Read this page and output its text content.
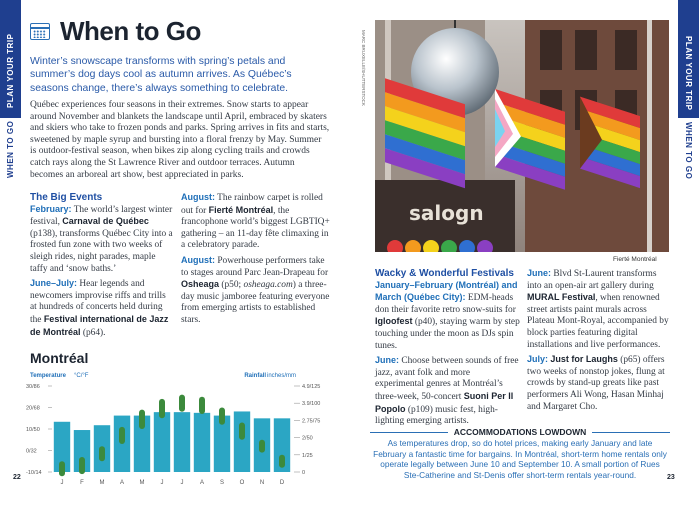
PLAN YOUR TRIP
WHEN TO GO
PLAN YOUR TRIP
WHEN TO GO
When to Go
Winter’s snowscape transforms with spring’s petals and summer’s dog days cool as autumn arrives. As Québec’s seasons change, there’s always something to celebrate.
Québec experiences four seasons in their extremes. Snow starts to appear around November and blankets the landscape until April, embraced by skaters and skiers who take to frozen ponds and parks. Spring arrives in fits and starts, sweetened by maple syrup and bursting into a floral frenzy by May. Summer is outdoor-festival season, when bikes zip along cycling trails and crowds catch rays along the St Lawrence River and outdoor terraces. Autumn becomes an arboreal art show, best appreciated in parks.
The Big Events

February: The world’s largest winter festival, Carnaval de Québec (p138), transforms Québec City into a frosted fun zone with two weeks of sleigh rides, night parades, maple taffy and ‘snow baths.’

June–July: Hear legends and newcomers improvise riffs and trills at hundreds of concerts held during the Festival international de Jazz de Montréal (p64).

August: The rainbow carpet is rolled out for Fierté Montréal, the francophone world’s biggest LGBTIQ+ gathering – an 11-day fête climaxing in a celebratory parade.

August: Powerhouse performers take to stages around Parc Jean-Drapeau for Osheaga (p50; osheaga.com) a three-day music jamboree featuring everyone from emerging artists to established stars.

Montréal
Temperature °C/°F	Rainfall inches/mm
-10/14
0/32
10/50
20/68
30/86
0
1/25
2/50
2.75/75
3.9/100
4.9/125
J	F	M	A	M	J	J	A	S	O	N	D
22	23
MARC BRUXELLE/SHUTTERSTOCK
salogn
Fierté Montréal
Wacky & Wonderful Festivals

January–February (Montréal) and March (Québec City): EDM-heads don their favorite retro snow-suits for Igloofest (p40), staying warm by step touching under the moon as DJs spin tunes.

June: Choose between sounds of free jazz, avant folk and more experimental genres at Montréal’s three-week, 50-concert Suoni Per Il Popolo (p109) music fest, high-lighting emerging artists.

June: Blvd St-Laurent transforms into an open-air art gallery during MURAL Festival, when renowned street artists paint murals across Plateau Mont-Royal, accompanied by block parties featuring digital installations and live performances.

July: Just for Laughs (p65) offers two weeks of nonstop jokes, flung at crowds by stand-up greats like past performers Ali Wong, Hasan Minhaj and Margaret Cho.

ACCOMMODATIONS LOWDOWN
As temperatures drop, so do hotel prices, making early January and late February a fantastic time for bargains. In Montréal, short-term home rentals only operate legally between June 10 and September 10. A small portion of Rues Ste-Catherine and St-Denis offer short-term rentals year-round.
